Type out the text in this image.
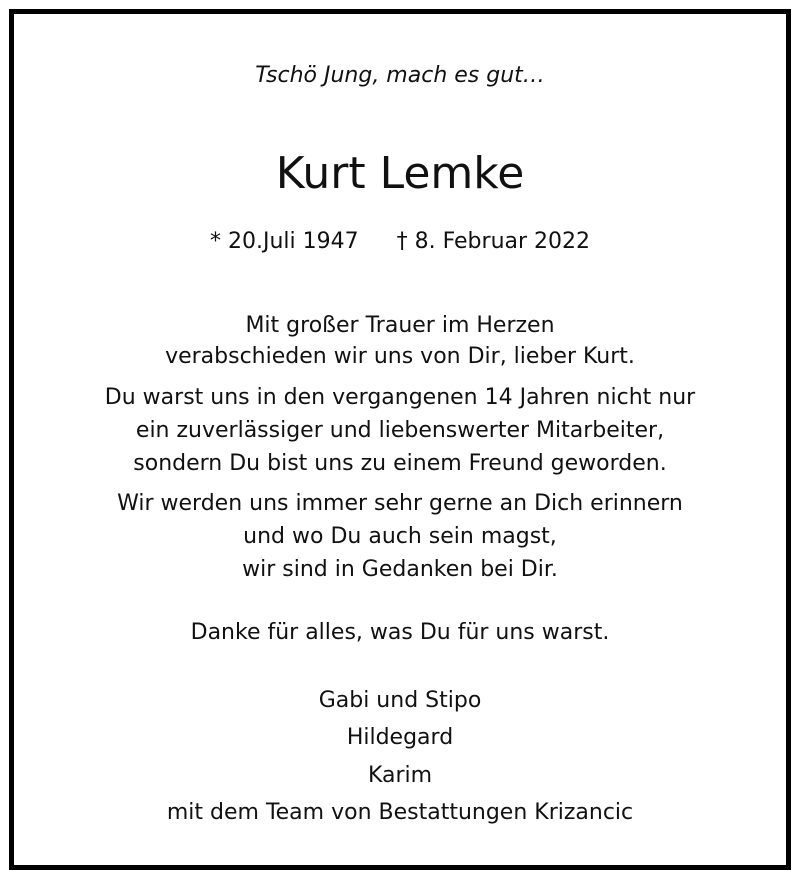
Tschö Jung, mach es gut…
Kurt Lemke
* 20.Juli 1947 † 8. Februar 2022
Mit großer Trauer im Herzen
verabschieden wir uns von Dir, lieber Kurt.
Du warst uns in den vergangenen 14 Jahren nicht nur
ein zuverlässiger und liebenswerter Mitarbeiter,
sondern Du bist uns zu einem Freund geworden.
Wir werden uns immer sehr gerne an Dich erinnern
und wo Du auch sein magst,
wir sind in Gedanken bei Dir.
Danke für alles, was Du für uns warst.
Gabi und Stipo
Hildegard
Karim
mit dem Team von Bestattungen Krizancic
